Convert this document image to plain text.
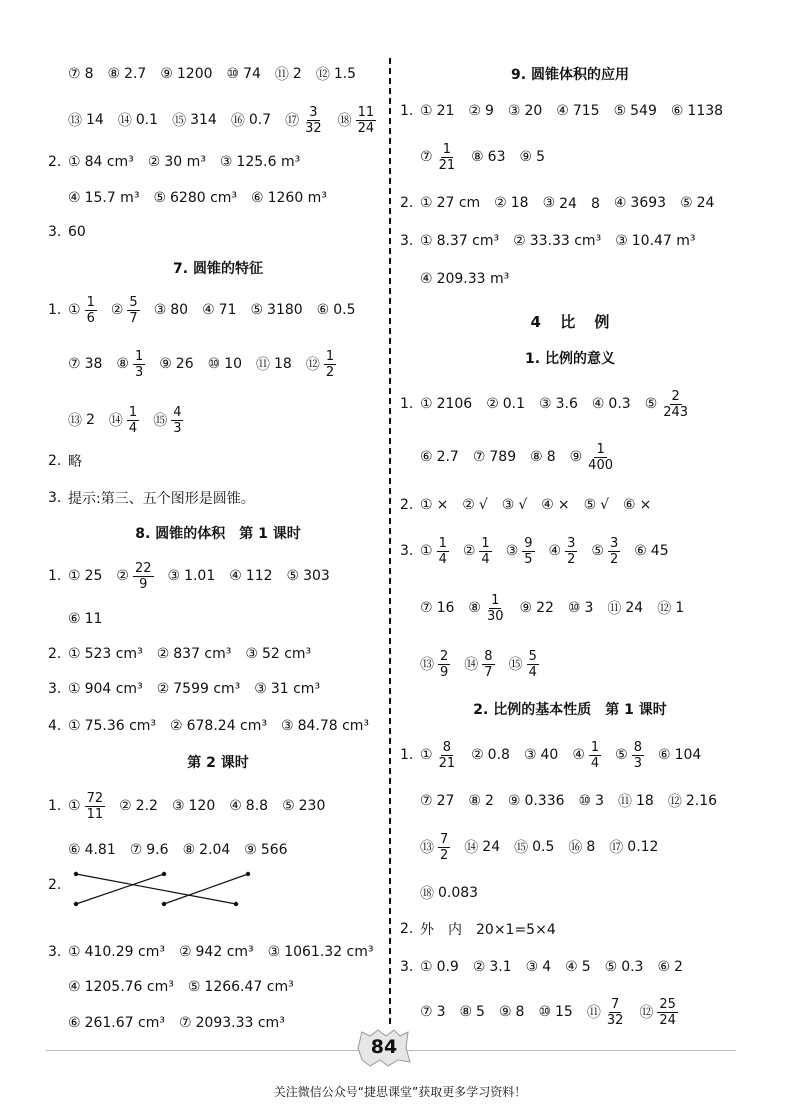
⑦ 8 ⑧ 2.7 ⑨ 1200 ⑩ 74 ⑪ 2 ⑫ 1.5
⑬ 14 ⑭ 0.1 ⑮ 314 ⑯ 0.7 ⑰ $\frac{3}{32}$ ⑱ $\frac{11}{24}$
2. ① 84 cm³ ② 30 m³ ③ 125.6 m³
④ 15.7 m³ ⑤ 6280 cm³ ⑥ 1260 m³
3. 60
7. 圆锥的特征
1. ① $\frac{1}{6}$ ② $\frac{5}{7}$ ③ 80 ④ 71 ⑤ 3180 ⑥ 0.5
⑦ 38 ⑧ $\frac{1}{3}$ ⑨ 26 ⑩ 10 ⑪ 18 ⑫ $\frac{1}{2}$
⑬ 2 ⑭ $\frac{1}{4}$ ⑮ $\frac{4}{3}$
2. 略
3. 提示:第三、五个图形是圆锥。
8. 圆锥的体积　第 1 课时
1. ① 25 ② $\frac{22}{9}$ ③ 1.01 ④ 112 ⑤ 303
⑥ 11
2. ① 523 cm³ ② 837 cm³ ③ 52 cm³
3. ① 904 cm³ ② 7599 cm³ ③ 31 cm³
4. ① 75.36 cm³ ② 678.24 cm³ ③ 84.78 cm³
第 2 课时
1. ① $\frac{72}{11}$ ② 2.2 ③ 120 ④ 8.8 ⑤ 230
⑥ 4.81 ⑦ 9.6 ⑧ 2.04 ⑨ 566
2.
3. ① 410.29 cm³ ② 942 cm³ ③ 1061.32 cm³
④ 1205.76 cm³ ⑤ 1266.47 cm³
⑥ 261.67 cm³ ⑦ 2093.33 cm³
9. 圆锥体积的应用
1. ① 21 ② 9 ③ 20 ④ 715 ⑤ 549 ⑥ 1138
⑦ $\frac{1}{21}$ ⑧ 63 ⑨ 5
2. ① 27 cm ② 18 ③ 24　8 ④ 3693 ⑤ 24
3. ① 8.37 cm³ ② 33.33 cm³ ③ 10.47 m³
④ 209.33 m³
4 比 例
1. 比例的意义
1. ① 2106 ② 0.1 ③ 3.6 ④ 0.3 ⑤ $\frac{2}{243}$
⑥ 2.7 ⑦ 789 ⑧ 8 ⑨ $\frac{1}{400}$
2. ① × ② √ ③ √ ④ × ⑤ √ ⑥ ×
3. ① $\frac{1}{4}$ ② $\frac{1}{4}$ ③ $\frac{9}{5}$ ④ $\frac{3}{2}$ ⑤ $\frac{3}{2}$ ⑥ 45
⑦ 16 ⑧ $\frac{1}{30}$ ⑨ 22 ⑩ 3 ⑪ 24 ⑫ 1
⑬ $\frac{2}{9}$ ⑭ $\frac{8}{7}$ ⑮ $\frac{5}{4}$
2. 比例的基本性质　第 1 课时
1. ① $\frac{8}{21}$ ② 0.8 ③ 40 ④ $\frac{1}{4}$ ⑤ $\frac{8}{3}$ ⑥ 104
⑦ 27 ⑧ 2 ⑨ 0.336 ⑩ 3 ⑪ 18 ⑫ 2.16
⑬ $\frac{7}{2}$ ⑭ 24 ⑮ 0.5 ⑯ 8 ⑰ 0.12
⑱ 0.083
2. 外　内　20×1=5×4
3. ① 0.9 ② 3.1 ③ 4 ④ 5 ⑤ 0.3 ⑥ 2
⑦ 3 ⑧ 5 ⑨ 8 ⑩ 15 ⑪ $\frac{7}{32}$ ⑫ $\frac{25}{24}$
84
关注微信公众号“捷思课堂”获取更多学习资料！
